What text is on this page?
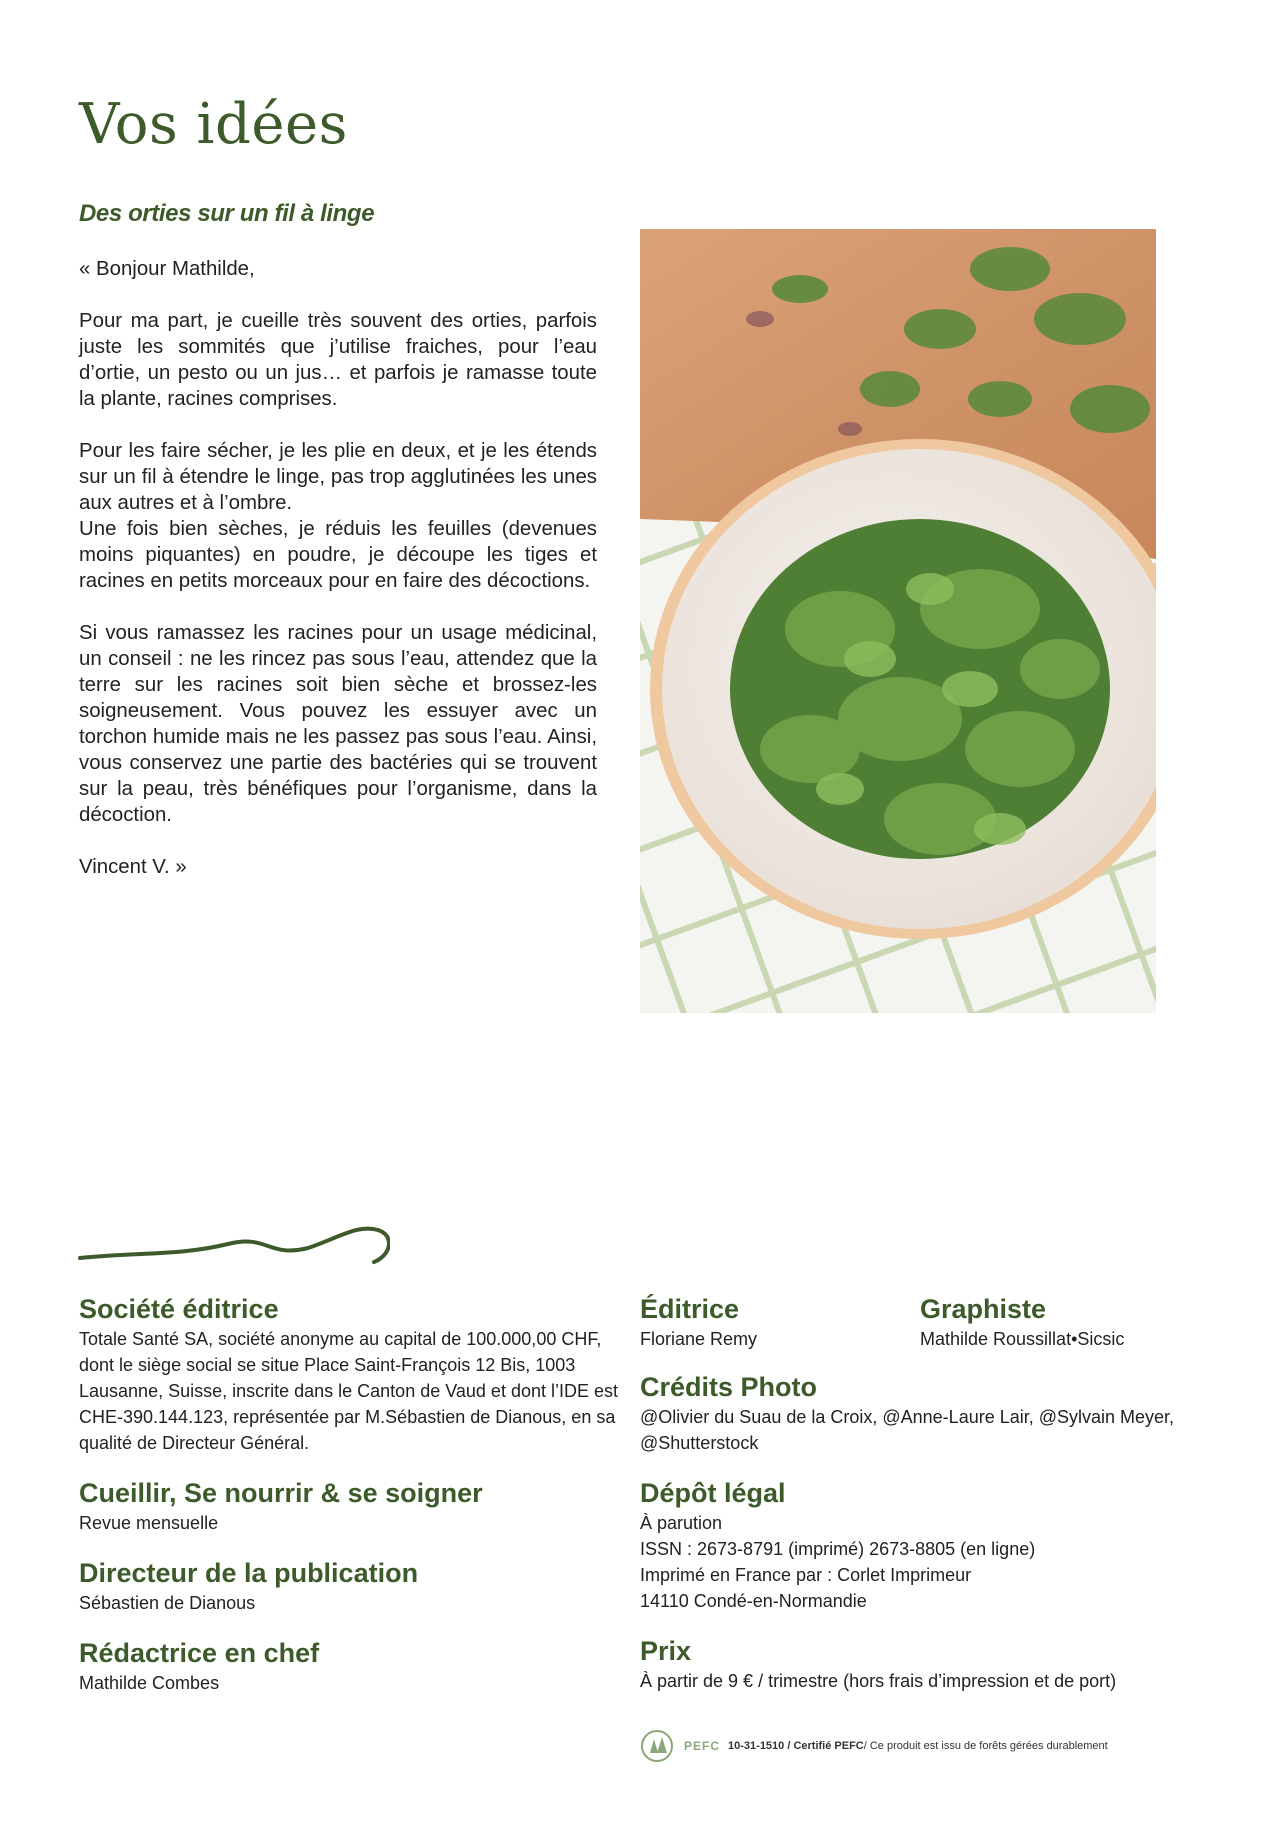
Vos idées
Des orties sur un fil à linge

« Bonjour Mathilde,

Pour ma part, je cueille très souvent des orties, parfois juste les sommités que j’utilise fraiches, pour l’eau d’ortie, un pesto ou un jus… et parfois je ramasse toute la plante, racines comprises.

Pour les faire sécher, je les plie en deux, et je les étends sur un fil à étendre le linge, pas trop agglutinées les unes aux autres et à l’ombre.

Une fois bien sèches, je réduis les feuilles (devenues moins piquantes) en poudre, je découpe les tiges et racines en petits morceaux pour en faire des décoctions.

Si vous ramassez les racines pour un usage médicinal, un conseil : ne les rincez pas sous l’eau, attendez que la terre sur les racines soit bien sèche et brossez-les soigneusement. Vous pouvez les essuyer avec un torchon humide mais ne les passez pas sous l’eau. Ainsi, vous conservez une partie des bactéries qui se trouvent sur la peau, très bénéfiques pour l’organisme, dans la décoction.

Vincent V. »

Société éditrice

Totale Santé SA, société anonyme au capital de 100.000,00 CHF, dont le siège social se situe Place Saint-François 12 Bis, 1003 Lausanne, Suisse, inscrite dans le Canton de Vaud et dont l’IDE est CHE-390.144.123, représentée par M.Sébastien de Dianous, en sa qualité de Directeur Général.

Cueillir, Se nourrir & se soigner

Revue mensuelle

Directeur de la publication

Sébastien de Dianous

Rédactrice en chef

Mathilde Combes

Éditrice

Floriane Remy

Graphiste

Mathilde Roussillat•Sicsic

Crédits Photo

@Olivier du Suau de la Croix, @Anne-Laure Lair, @Sylvain Meyer, @Shutterstock

Dépôt légal

À parution

ISSN : 2673-8791 (imprimé) 2673-8805 (en ligne)

Imprimé en France par : Corlet Imprimeur

14110 Condé-en-Normandie

Prix

À partir de 9 € / trimestre (hors frais d’impression et de port)

PEFC 10-31-1510 / Certifié PEFC / Ce produit est issu de forêts gérées durablement
